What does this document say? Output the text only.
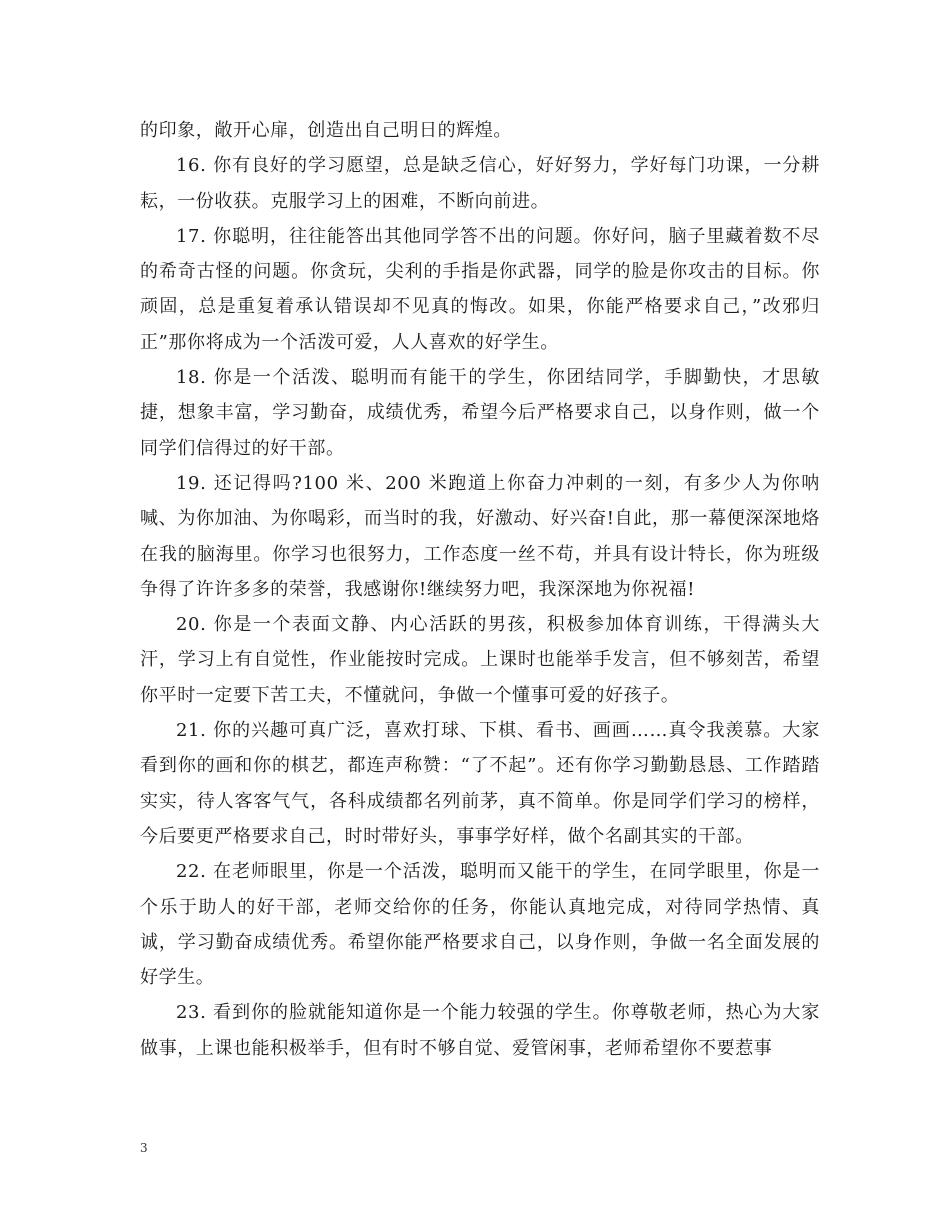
的印象，敞开心扉，创造出自己明日的辉煌。

16. 你有良好的学习愿望，总是缺乏信心，好好努力，学好每门功课，一分耕耘，一份收获。克服学习上的困难，不断向前进。

17. 你聪明，往往能答出其他同学答不出的问题。你好问，脑子里藏着数不尽的希奇古怪的问题。你贪玩，尖利的手指是你武器，同学的脸是你攻击的目标。你顽固，总是重复着承认错误却不见真的悔改。如果，你能严格要求自己，”改邪归正”那你将成为一个活泼可爱，人人喜欢的好学生。

18. 你是一个活泼、聪明而有能干的学生，你团结同学，手脚勤快，才思敏捷，想象丰富，学习勤奋，成绩优秀，希望今后严格要求自己，以身作则，做一个同学们信得过的好干部。

19. 还记得吗?100 米、200 米跑道上你奋力冲刺的一刻，有多少人为你呐喊、为你加油、为你喝彩，而当时的我，好激动、好兴奋!自此，那一幕便深深地烙在我的脑海里。你学习也很努力，工作态度一丝不苟，并具有设计特长，你为班级争得了许许多多的荣誉，我感谢你!继续努力吧，我深深地为你祝福!

20. 你是一个表面文静、内心活跃的男孩，积极参加体育训练，干得满头大汗，学习上有自觉性，作业能按时完成。上课时也能举手发言，但不够刻苦，希望你平时一定要下苦工夫，不懂就问，争做一个懂事可爱的好孩子。

21. 你的兴趣可真广泛，喜欢打球、下棋、看书、画画……真令我羡慕。大家看到你的画和你的棋艺，都连声称赞：“了不起”。还有你学习勤勤恳恳、工作踏踏实实，待人客客气气，各科成绩都名列前茅，真不简单。你是同学们学习的榜样，今后要更严格要求自己，时时带好头，事事学好样，做个名副其实的干部。

22. 在老师眼里，你是一个活泼，聪明而又能干的学生，在同学眼里，你是一个乐于助人的好干部，老师交给你的任务，你能认真地完成，对待同学热情、真诚，学习勤奋成绩优秀。希望你能严格要求自己，以身作则，争做一名全面发展的好学生。

23. 看到你的脸就能知道你是一个能力较强的学生。你尊敬老师，热心为大家做事，上课也能积极举手，但有时不够自觉、爱管闲事，老师希望你不要惹事

3
